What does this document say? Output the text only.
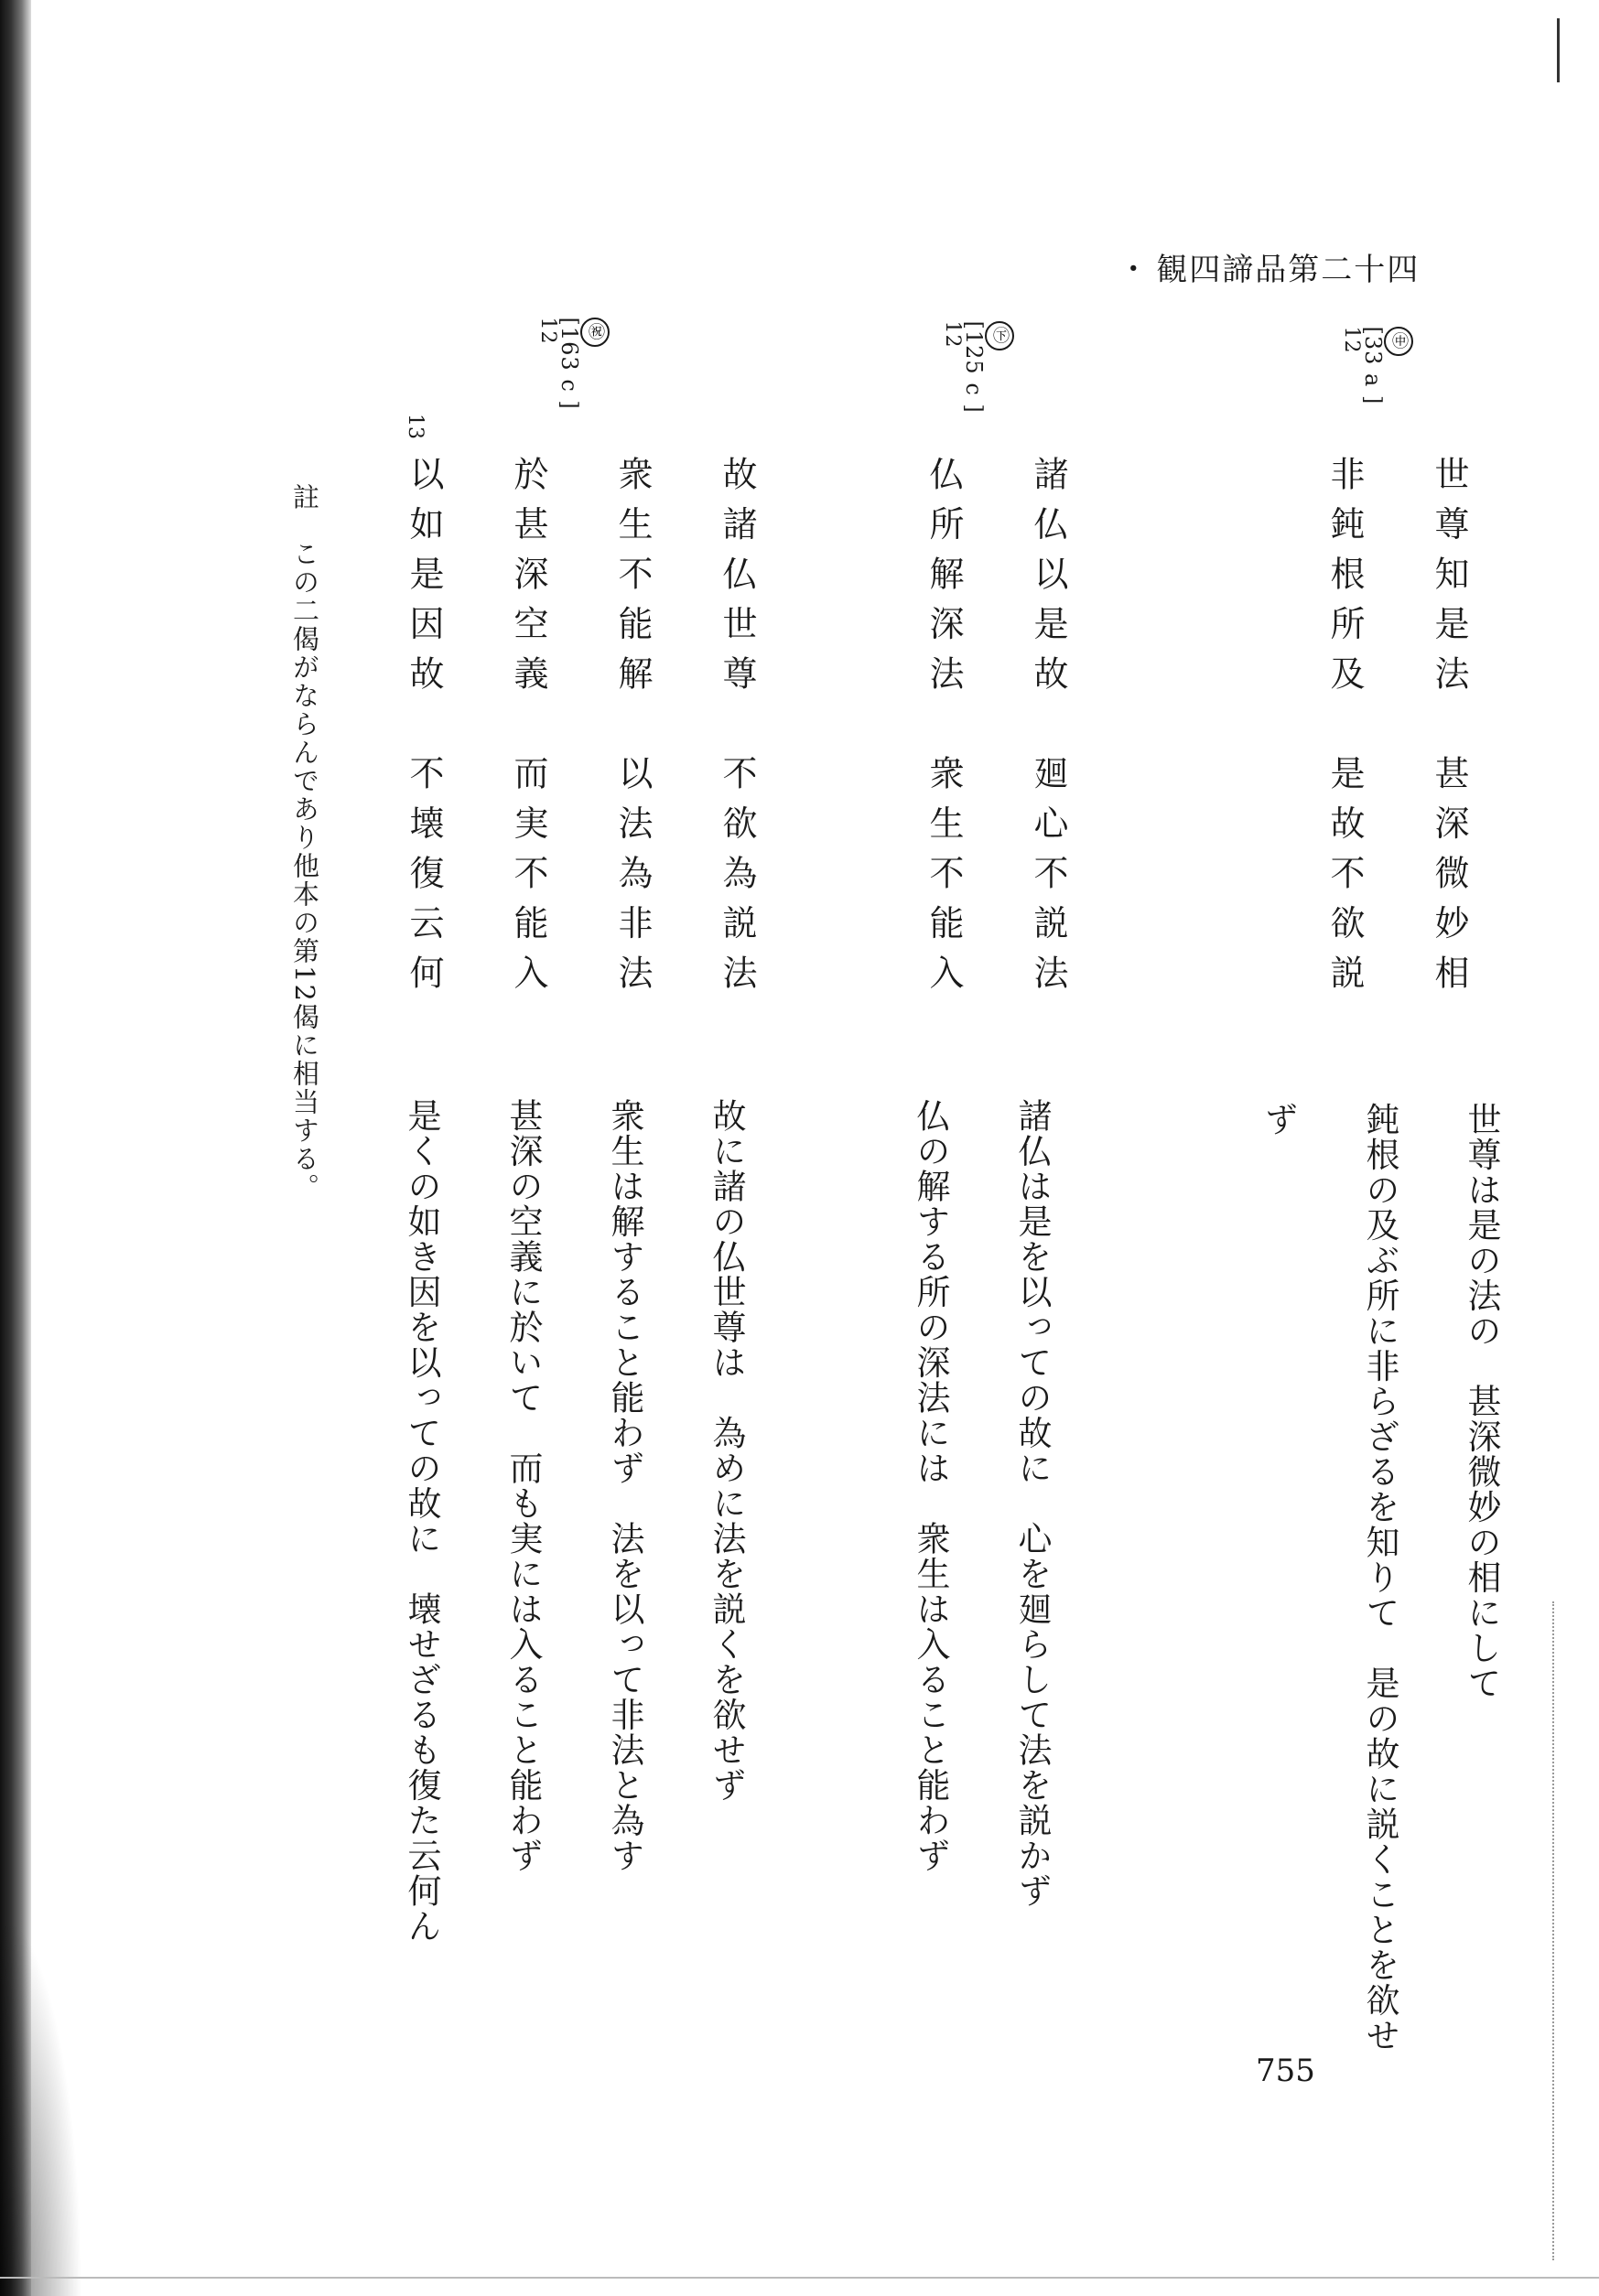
・ 観四諦品第二十四

㊥
[33 a ]
12

世尊知是法　甚深微妙相

非鈍根所及　是故不欲説

世尊は是の法の　甚深微妙の相にして

鈍根の及ぶ所に非らざるを知りて　是の故に説くことを欲せ

ず

㊦
[125 c ]
12

諸仏以是故　廻心不説法

仏所解深法　衆生不能入

諸仏は是を以っての故に　心を廻らして法を説かず

仏の解する所の深法には　衆生は入ること能わず

㊗
[163 c ]
12

13

故諸仏世尊　不欲為説法

衆生不能解　以法為非法

於甚深空義　而実不能入

以如是因故　不壊復云何

故に諸の仏世尊は　為めに法を説くを欲せず

衆生は解すること能わず　法を以って非法と為す

甚深の空義に於いて　而も実には入ること能わず

是くの如き因を以っての故に　壊せざるも復た云何ん

註　この二偈がならんであり他本の第12偈に相当する。
755
